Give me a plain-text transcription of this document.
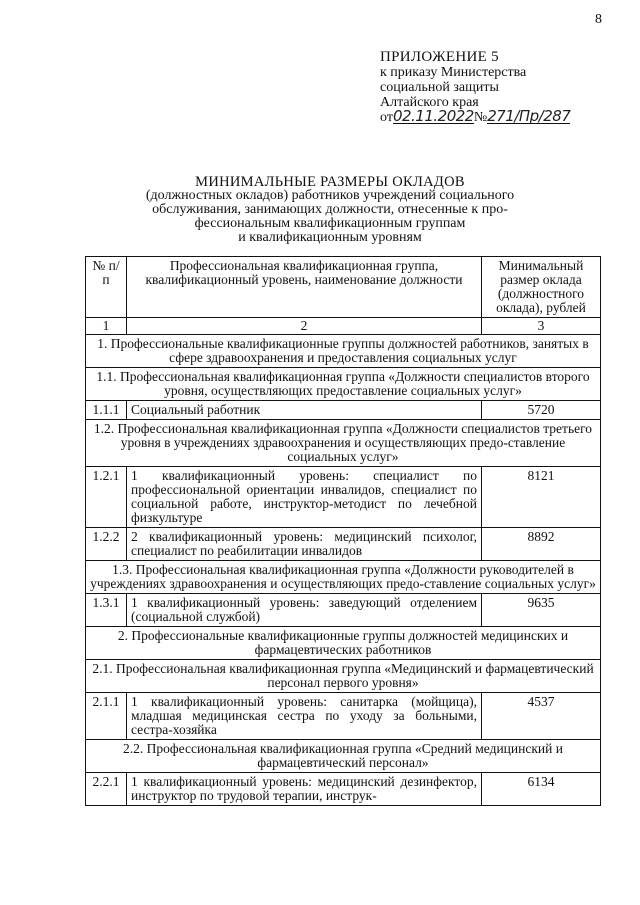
8
ПРИЛОЖЕНИЕ 5
к приказу Министерства
социальной защиты
Алтайского края
от02.11.2022№271/Пр/287
МИНИМАЛЬНЫЕ РАЗМЕРЫ ОКЛАДОВ
(должностных окладов) работников учреждений социального
обслуживания, занимающих должности, отнесенные к про-
фессиональным квалификационным группам
и квалификационным уровням
№ п/п	Профессиональная квалификационная группа, квалификационный уровень, наименование должности	Минимальный размер оклада (должностного оклада), рублей
1	2	3
1. Профессиональные квалификационные группы должностей работников, занятых в сфере здравоохранения и предоставления социальных услуг		
1.1. Профессиональная квалификационная группа «Должности специалистов второго уровня, осуществляющих предоставление социальных услуг»		
1.1.1	Социальный работник	5720
1.2. Профессиональная квалификационная группа «Должности специалистов третьего уровня в учреждениях здравоохранения и осуществляющих предо-ставление социальных услуг»		
1.2.1	1 квалификационный уровень: специалист по профессиональной ориентации инвалидов, специалист по социальной работе, инструктор-методист по лечебной физкультуре	8121
1.2.2	2 квалификационный уровень: медицинский психолог, специалист по реабилитации инвалидов	8892
1.3. Профессиональная квалификационная группа «Должности руководителей в учреждениях здравоохранения и осуществляющих предо-ставление социальных услуг»		
1.3.1	1 квалификационный уровень: заведующий отделением (социальной службой)	9635
2. Профессиональные квалификационные группы должностей медицинских и фармацевтических работников		
2.1. Профессиональная квалификационная группа «Медицинский и фармацевтический персонал первого уровня»		
2.1.1	1 квалификационный уровень: санитарка (мойщица), младшая медицинская сестра по уходу за больными, сестра-хозяйка	4537
2.2. Профессиональная квалификационная группа «Средний медицинский и фармацевтический персонал»		
2.2.1	1 квалификационный уровень: медицинский дезинфектор, инструктор по трудовой терапии, инструк-	6134
